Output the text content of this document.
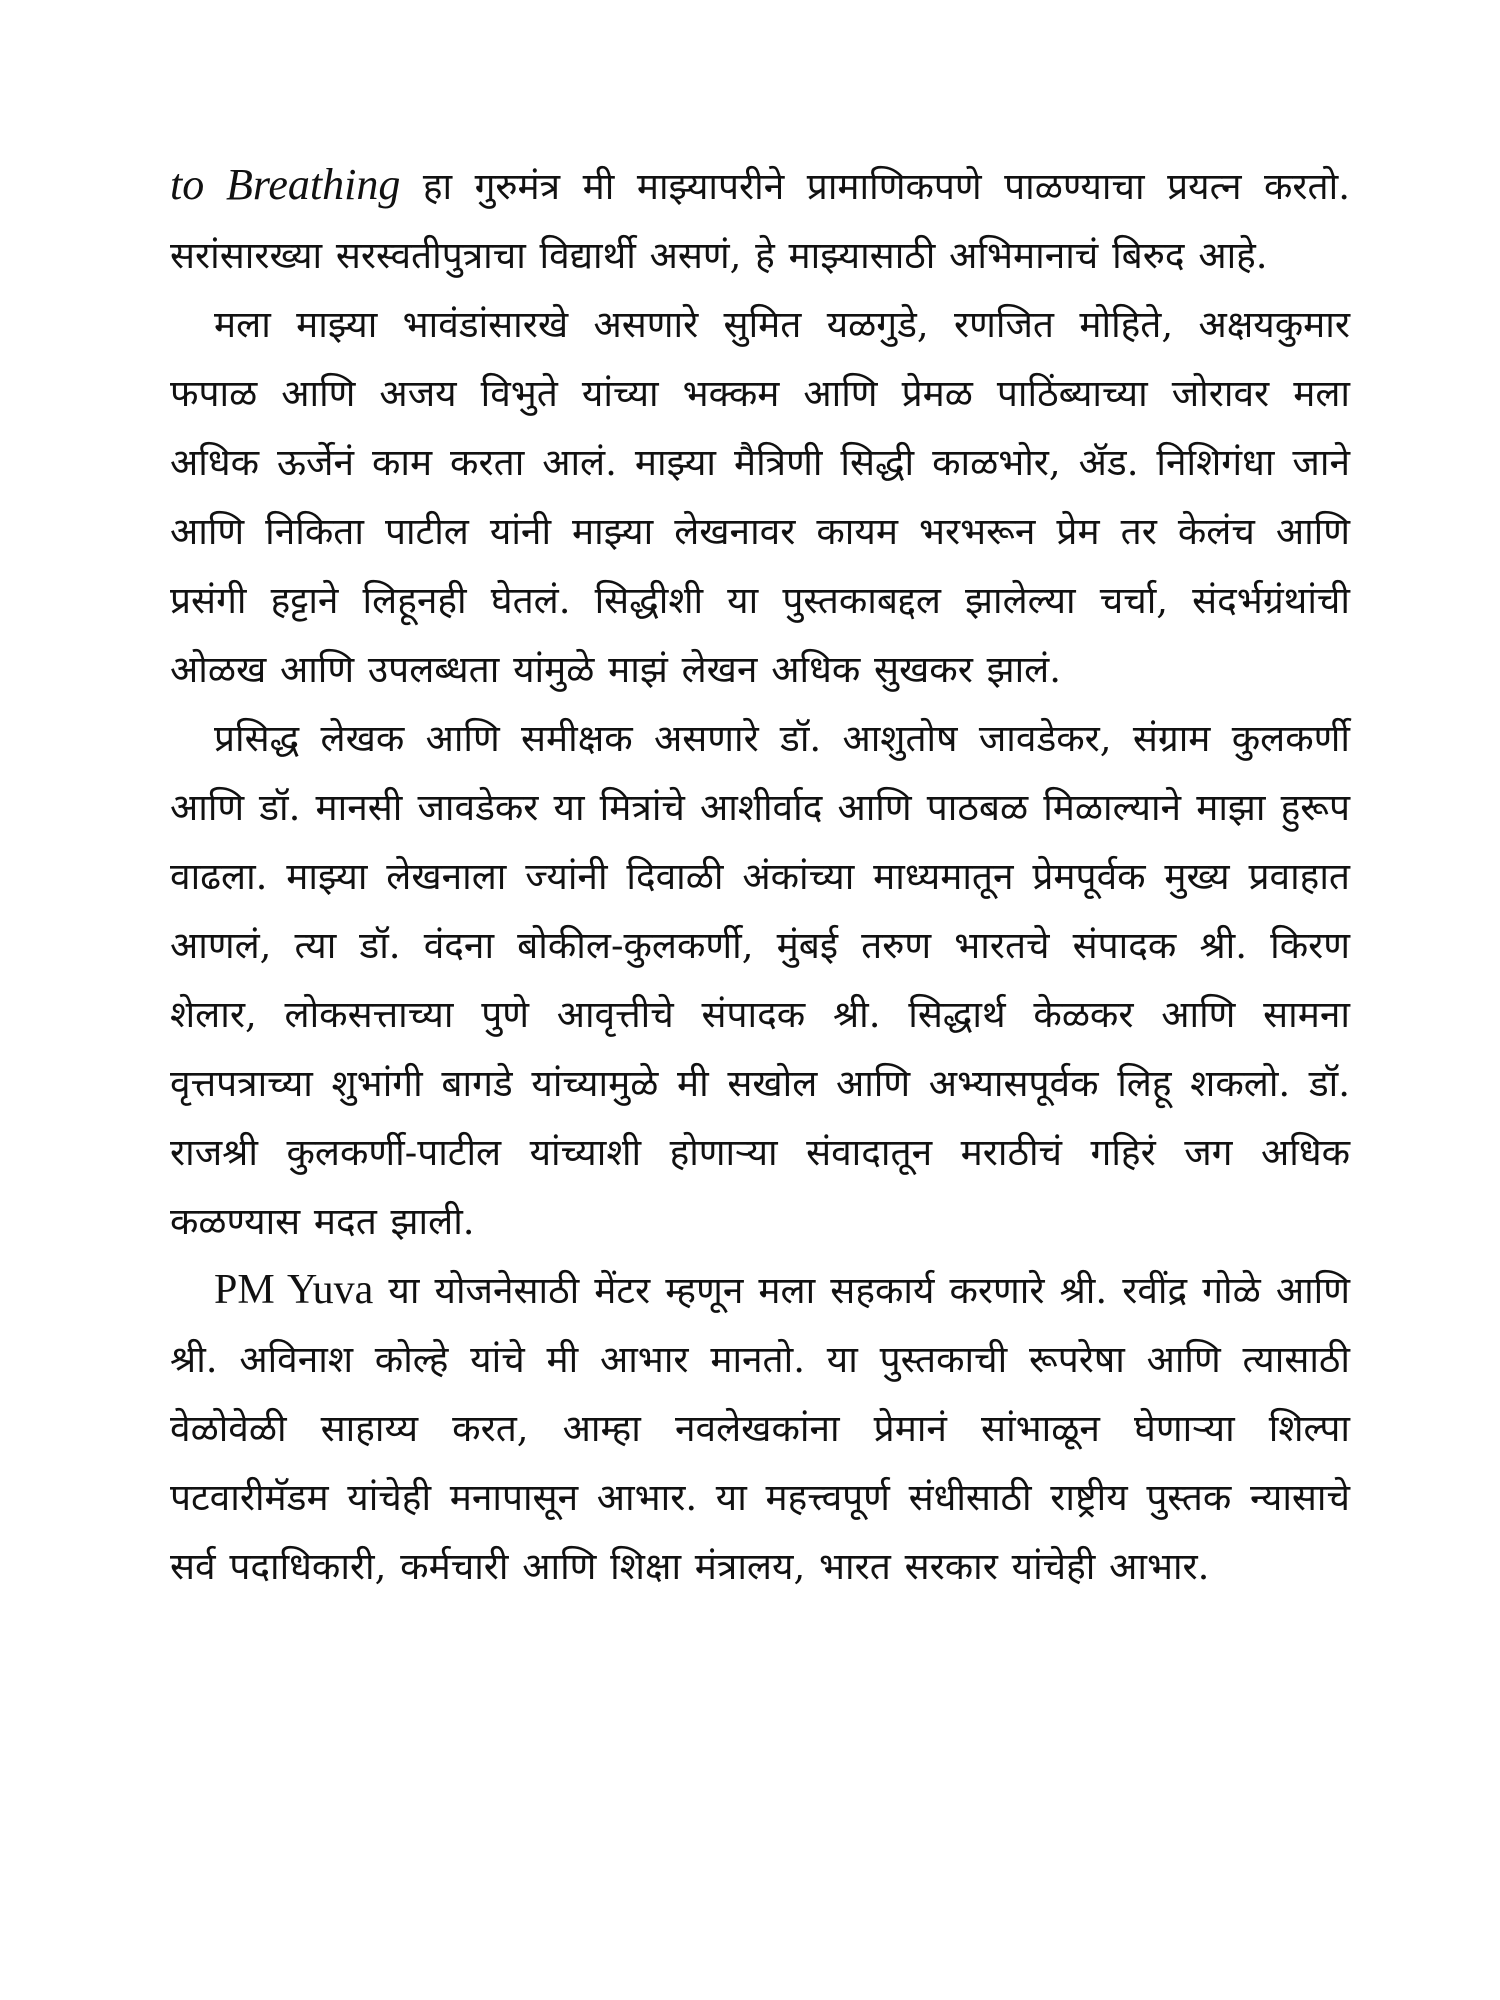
to Breathing हा गुरुमंत्र मी माझ्यापरीने प्रामाणिकपणे पाळण्याचा प्रयत्न करतो. सरांसारख्या सरस्वतीपुत्राचा विद्यार्थी असणं, हे माझ्यासाठी अभिमानाचं बिरुद आहे.

मला माझ्या भावंडांसारखे असणारे सुमित यळगुडे, रणजित मोहिते, अक्षयकुमार फपाळ आणि अजय विभुते यांच्या भक्कम आणि प्रेमळ पाठिंब्याच्या जोरावर मला अधिक ऊर्जेनं काम करता आलं. माझ्या मैत्रिणी सिद्धी काळभोर, ॲड. निशिगंधा जाने आणि निकिता पाटील यांनी माझ्या लेखनावर कायम भरभरून प्रेम तर केलंच आणि प्रसंगी हट्टाने लिहूनही घेतलं. सिद्धीशी या पुस्तकाबद्दल झालेल्या चर्चा, संदर्भग्रंथांची ओळख आणि उपलब्धता यांमुळे माझं लेखन अधिक सुखकर झालं.

प्रसिद्ध लेखक आणि समीक्षक असणारे डॉ. आशुतोष जावडेकर, संग्राम कुलकर्णी आणि डॉ. मानसी जावडेकर या मित्रांचे आशीर्वाद आणि पाठबळ मिळाल्याने माझा हुरूप वाढला. माझ्या लेखनाला ज्यांनी दिवाळी अंकांच्या माध्यमातून प्रेमपूर्वक मुख्य प्रवाहात आणलं, त्या डॉ. वंदना बोकील-कुलकर्णी, मुंबई तरुण भारतचे संपादक श्री. किरण शेलार, लोकसत्ताच्या पुणे आवृत्तीचे संपादक श्री. सिद्धार्थ केळकर आणि सामना वृत्तपत्राच्या शुभांगी बागडे यांच्यामुळे मी सखोल आणि अभ्यासपूर्वक लिहू शकलो. डॉ. राजश्री कुलकर्णी-पाटील यांच्याशी होणाऱ्या संवादातून मराठीचं गहिरं जग अधिक कळण्यास मदत झाली.

PM Yuva या योजनेसाठी मेंटर म्हणून मला सहकार्य करणारे श्री. रवींद्र गोळे आणि श्री. अविनाश कोल्हे यांचे मी आभार मानतो. या पुस्तकाची रूपरेषा आणि त्यासाठी वेळोवेळी साहाय्य करत, आम्हा नवलेखकांना प्रेमानं सांभाळून घेणाऱ्या शिल्पा पटवारीमॅडम यांचेही मनापासून आभार. या महत्त्वपूर्ण संधीसाठी राष्ट्रीय पुस्तक न्यासाचे सर्व पदाधिकारी, कर्मचारी आणि शिक्षा मंत्रालय, भारत सरकार यांचेही आभार.
